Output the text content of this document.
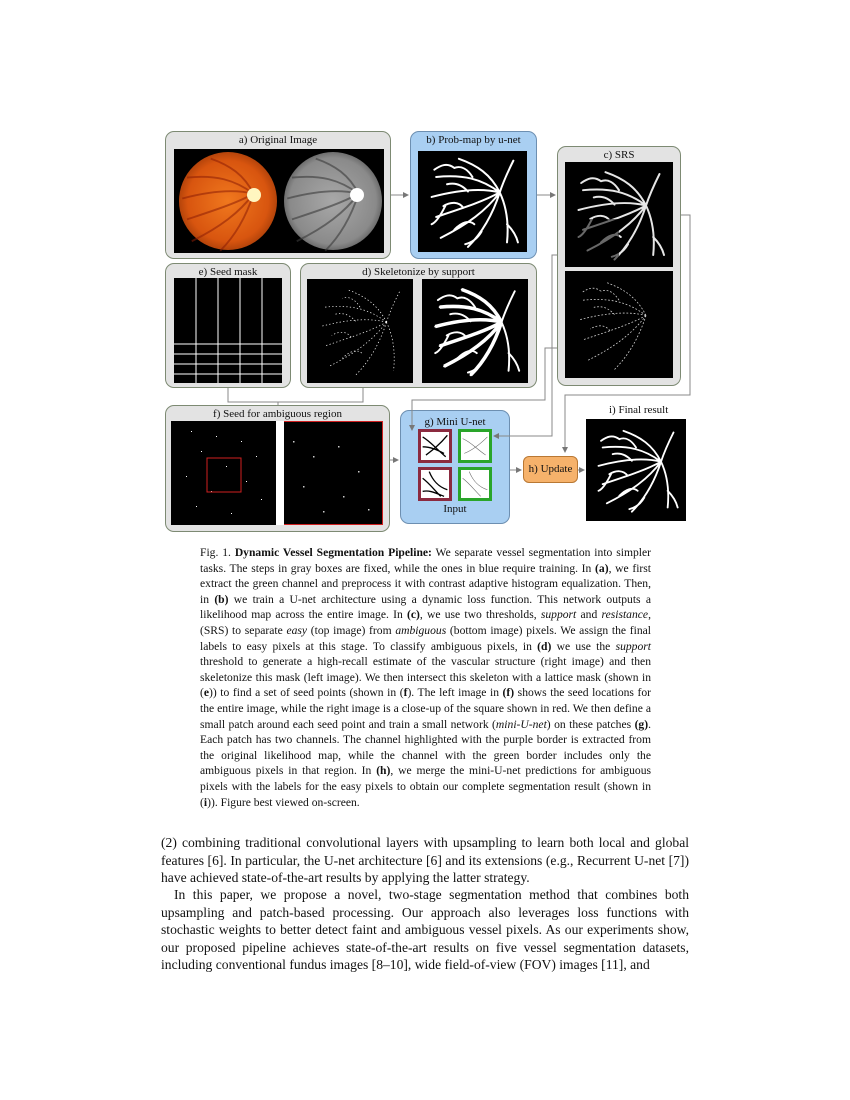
a) Original Image	b) Prob-map by u-net
c) SRS
e) Seed mask	d) Skeletonize by support
f) Seed for ambiguous region
g) Mini U-net
Input
h) Update
i) Final result
Fig. 1. Dynamic Vessel Segmentation Pipeline: We separate vessel segmentation into simpler tasks. The steps in gray boxes are fixed, while the ones in blue require training. In (a), we first extract the green channel and preprocess it with contrast adaptive histogram equalization. Then, in (b) we train a U-net architecture using a dynamic loss function. This network outputs a likelihood map across the entire image. In (c), we use two thresholds, support and resistance, (SRS) to separate easy (top image) from ambiguous (bottom image) pixels. We assign the final labels to easy pixels at this stage. To classify ambiguous pixels, in (d) we use the support threshold to generate a high-recall estimate of the vascular structure (right image) and then skeletonize this mask (left image). We then intersect this skeleton with a lattice mask (shown in (e)) to find a set of seed points (shown in (f). The left image in (f) shows the seed locations for the entire image, while the right image is a close-up of the square shown in red. We then define a small patch around each seed point and train a small network (mini-U-net) on these patches (g). Each patch has two channels. The channel highlighted with the purple border is extracted from the original likelihood map, while the channel with the green border includes only the ambiguous pixels in that region. In (h), we merge the mini-U-net predictions for ambiguous pixels with the labels for the easy pixels to obtain our complete segmentation result (shown in (i)). Figure best viewed on-screen.

(2) combining traditional convolutional layers with upsampling to learn both local and global features [6]. In particular, the U-net architecture [6] and its extensions (e.g., Recurrent U-net [7]) have achieved state-of-the-art results by applying the latter strategy.

In this paper, we propose a novel, two-stage segmentation method that combines both upsampling and patch-based processing. Our approach also leverages loss functions with stochastic weights to better detect faint and ambiguous vessel pixels. As our experiments show, our proposed pipeline achieves state-of-the-art results on five vessel segmentation datasets, including conventional fundus images [8–10], wide field-of-view (FOV) images [11], and
